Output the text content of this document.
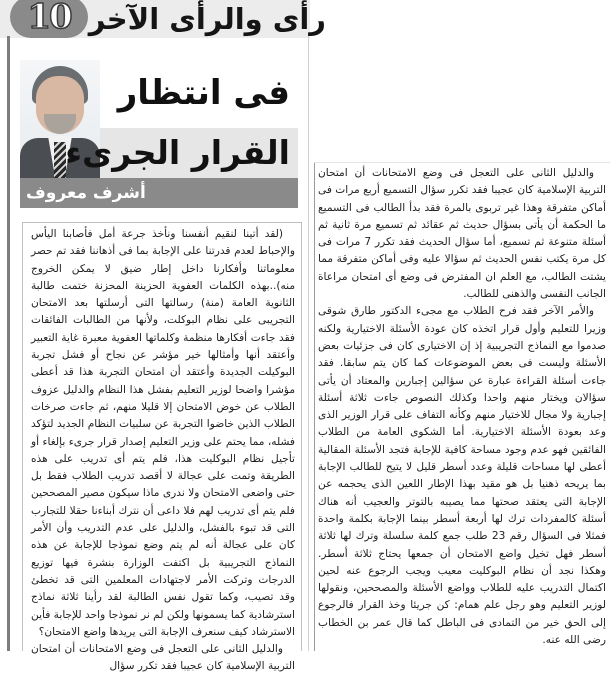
10 رأى والرأى الآخر
فى انتظار
القرار الجرىء
أشرف معروف

(لقد أتينا لنقيم أنفسنا ونأخذ جرعة أمل فأصابنا اليأس والإحباط لعدم قدرتنا على الإجابة بما فى أذهاننا فقد تم حصر معلوماتنا وأفكارنا داخل إطار ضيق لا يمكن الخروج منه)..بهذه الكلمات العفوية الحزينة المحزنة ختمت طالبة الثانوية العامة (منة) رسالتها التى أرسلتها بعد الامتحان التجريبى على نظام البوكلت، ولأنها من الطالبات الفائقات فقد جاءت أفكارها منظمة وكلماتها العفوية معبرة غاية التعبير وأعتقد أنها وأمثالها خير مؤشر عن نجاح أو فشل تجربة البوكيلت الجديدة وأعتقد أن امتحان التجربة هذا قد أعطى مؤشرا واضحا لوزير التعليم بفشل هذا النظام والدليل عزوف الطلاب عن خوض الامتحان إلا قليلا منهم، ثم جاءت صرخات الطلاب الذين خاضوا التجربة عن سلبيات النظام الجديد لتؤكد فشله، مما يحتم على وزير التعليم إصدار قرار جرىء بإلغاء أو تأجيل نظام البوكليت هذا، فلم يتم أى تدريب على هذه الطريقة وتمت على عجالة لا أقصد تدريب الطلاب فقط بل حتى واضعى الامتحان ولا ندرى ماذا سيكون مصير المصححين فلم يتم أى تدريب لهم فلا داعى أن نترك أبناءنا حقلا للتجارب التى قد تبوء بالفشل، والدليل على عدم التدريب وأن الأمر كان على عجالة أنه لم يتم وضع نموذجا للإجابة عن هذه النماذج التجريبية بل اكتفت الوزارة بنشرة فيها توزيع الدرجات وتركت الأمر لاجتهادات المعلمين التى قد تخطئ وقد تصيب، وكما تقول نفس الطالبة لقد رأينا ثلاثة نماذج استرشادية كما يسمونها ولكن لم نر نموذجا واحد للإجابة فأين الاسترشاد كيف سنعرف الإجابة التى يريدها واضع الامتحان؟

والدليل الثانى على التعجل فى وضع الامتحانات أن امتحان التربية الإسلامية كان عجيبا فقد تكرر سؤال

والدليل الثانى على التعجل فى وضع الامتحانات أن امتحان التربية الإسلامية كان عجيبا فقد تكرر سؤال التسميع أربع مرات فى أماكن متفرقة وهذا غير تربوى بالمرة فقد بدأ الطالب فى التسميع ما الحكمة أن يأتى بسؤال حديث ثم عقائد ثم تسميع مرة ثانية ثم أسئلة متنوعة ثم تسميع، أما سؤال الحديث فقد تكرر 7 مرات فى كل مرة يكتب نفس الحديث ثم سؤالا عليه وفى أماكن متفرقة مما يشتت الطالب، مع العلم ان المفترض فى وضع أى امتحان مراعاة الجانب النفسى والذهنى للطالب.

والأمر الآخر فقد فرح الطلاب مع مجىء الدكتور طارق شوقى وزيرا للتعليم وأول قرار اتخذه كان عودة الأسئلة الاختيارية ولكنه صدموا مع النماذج التجريبية إذ إن الاختيارى كان فى جزئيات بعض الأسئلة وليست فى بعض الموضوعات كما كان يتم سابقا. فقد جاءت أسئلة القراءة عبارة عن سؤالين إجبارين والمعتاد أن يأتى سؤالان ويختار منهم واحدا وكذلك النصوص جاءت ثلاثة أسئلة إجبارية ولا مجال للاختيار منهم وكأنه التفاف على قرار الوزير الذى وعد بعودة الأسئلة الاختيارية. أما الشكوى العامة من الطلاب الفائقين فهو عدم وجود مساحة كافية للإجابة فتجد الأسئلة المقالية أعطى لها مساحات قليلة وعدد أسطر قليل لا يتيح للطالب الإجابة بما يريحه ذهنيا بل هو مقيد بهذا الإطار اللعين الذى يحجمه عن الإجابة التى يعتقد صحتها مما يصيبه بالتوتر والعجيب أنه هناك أسئلة كالمفردات ترك لها أربعة أسطر بينما الإجابة بكلمة واحدة فمثلا فى السؤال رقم 23 طلب جمع كلمة سلسلة وترك لها ثلاثة أسطر فهل تخيل واضع الامتحان أن جمعها يحتاج ثلاثة أسطر. وهكذا نجد أن نظام البوكليت معيب ويجب الرجوع عنه لحين اكتمال التدريب عليه للطلاب وواضع الأسئلة والمصححين، ونقولها لوزير التعليم وهو رجل علم همام: كن جريئا وخذ القرار فالرجوع إلى الحق خير من التمادى فى الباطل كما قال عمر بن الخطاب رضى الله عنه.
